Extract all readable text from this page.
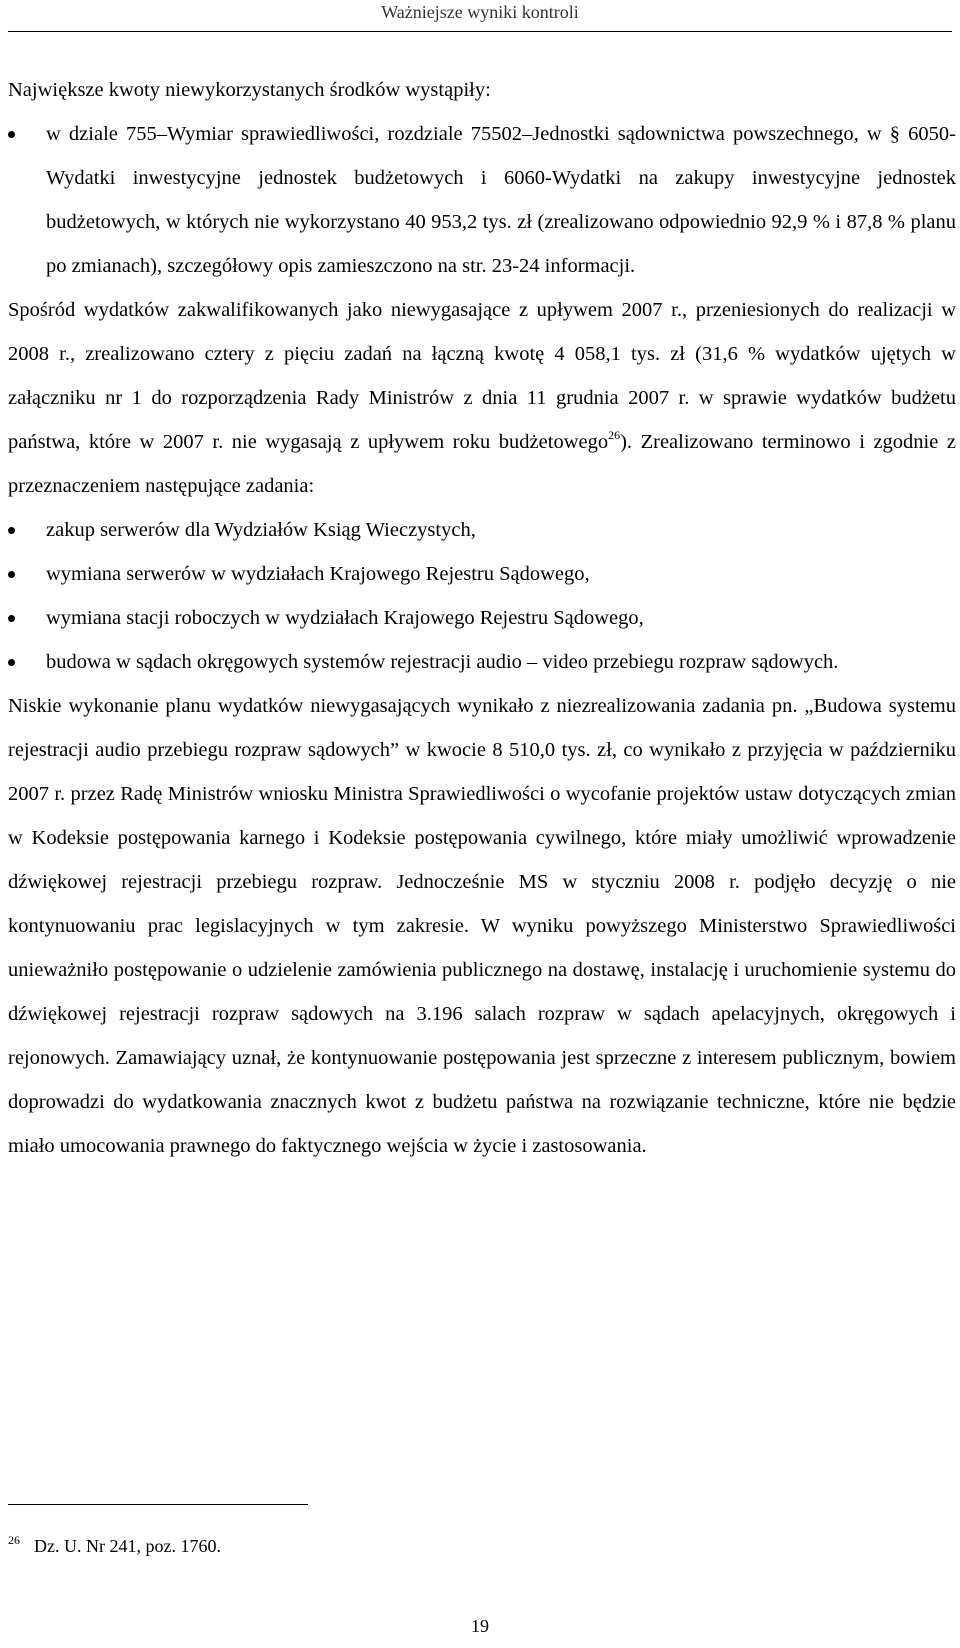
Ważniejsze wyniki kontroli
Największe kwoty niewykorzystanych środków wystąpiły:
w dziale 755–Wymiar sprawiedliwości, rozdziale 75502–Jednostki sądownictwa powszechnego, w § 6050-Wydatki inwestycyjne jednostek budżetowych i 6060-Wydatki na zakupy inwestycyjne jednostek budżetowych, w których nie wykorzystano 40 953,2 tys. zł (zrealizowano odpowiednio 92,9 % i 87,8 % planu po zmianach), szczegółowy opis zamieszczono na str. 23-24 informacji.
Spośród wydatków zakwalifikowanych jako niewygasające z upływem 2007 r., przeniesionych do realizacji w 2008 r., zrealizowano cztery z pięciu zadań na łączną kwotę 4 058,1 tys. zł (31,6 % wydatków ujętych w załączniku nr 1 do rozporządzenia Rady Ministrów z dnia 11 grudnia 2007 r. w sprawie wydatków budżetu państwa, które w 2007 r. nie wygasają z upływem roku budżetowego$^{26}$). Zrealizowano terminowo i zgodnie z przeznaczeniem następujące zadania:
zakup serwerów dla Wydziałów Ksiąg Wieczystych,
wymiana serwerów w wydziałach Krajowego Rejestru Sądowego,
wymiana stacji roboczych w wydziałach Krajowego Rejestru Sądowego,
budowa w sądach okręgowych systemów rejestracji audio – video przebiegu rozpraw sądowych.
Niskie wykonanie planu wydatków niewygasających wynikało z niezrealizowania zadania pn. „Budowa systemu rejestracji audio przebiegu rozpraw sądowych” w kwocie 8 510,0 tys. zł, co wynikało z przyjęcia w październiku 2007 r. przez Radę Ministrów wniosku Ministra Sprawiedliwości o wycofanie projektów ustaw dotyczących zmian w Kodeksie postępowania karnego i Kodeksie postępowania cywilnego, które miały umożliwić wprowadzenie dźwiękowej rejestracji przebiegu rozpraw. Jednocześnie MS w styczniu 2008 r. podjęło decyzję o nie kontynuowaniu prac legislacyjnych w tym zakresie. W wyniku powyższego Ministerstwo Sprawiedliwości unieważniło postępowanie o udzielenie zamówienia publicznego na dostawę, instalację i uruchomienie systemu do dźwiękowej rejestracji rozpraw sądowych na 3.196 salach rozpraw w sądach apelacyjnych, okręgowych i rejonowych. Zamawiający uznał, że kontynuowanie postępowania jest sprzeczne z interesem publicznym, bowiem doprowadzi do wydatkowania znacznych kwot z budżetu państwa na rozwiązanie techniczne, które nie będzie miało umocowania prawnego do faktycznego wejścia w życie i zastosowania.
$^{26}$ Dz. U. Nr 241, poz. 1760.
19
